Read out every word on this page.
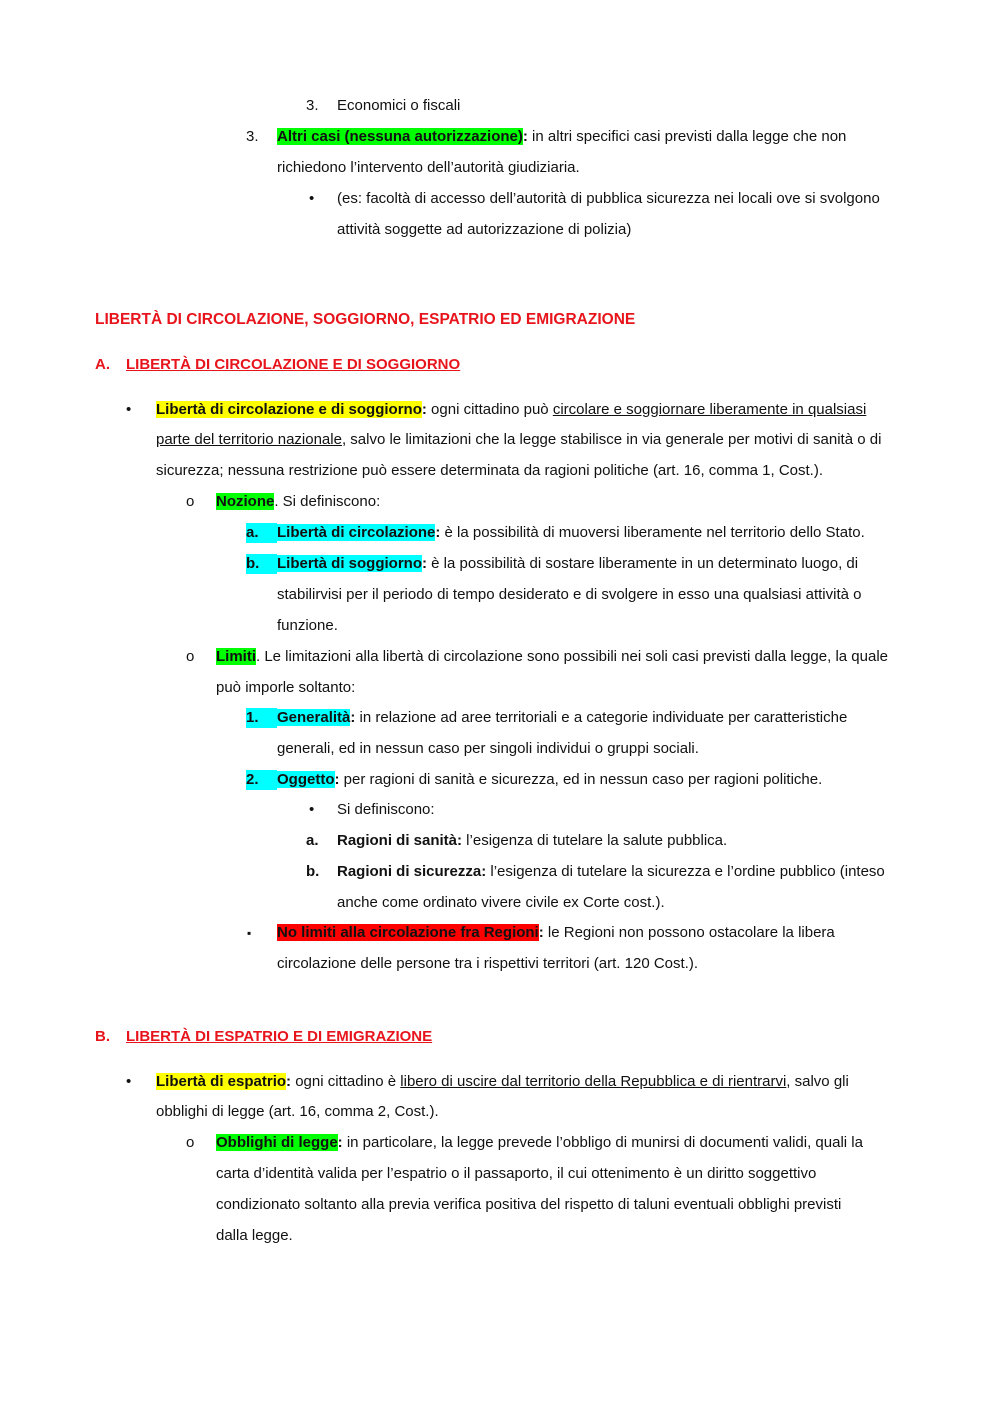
3. Economici o fiscali
3. Altri casi (nessuna autorizzazione): in altri specifici casi previsti dalla legge che non
richiedono l’intervento dell’autorità giudiziaria.
• (es: facoltà di accesso dell’autorità di pubblica sicurezza nei locali ove si svolgono
attività soggette ad autorizzazione di polizia)
LIBERTÀ DI CIRCOLAZIONE, SOGGIORNO, ESPATRIO ED EMIGRAZIONE
A. LIBERTÀ DI CIRCOLAZIONE E DI SOGGIORNO
• Libertà di circolazione e di soggiorno: ogni cittadino può circolare e soggiornare liberamente in qualsiasi
parte del territorio nazionale, salvo le limitazioni che la legge stabilisce in via generale per motivi di sanità o di
sicurezza; nessuna restrizione può essere determinata da ragioni politiche (art. 16, comma 1, Cost.).
o Nozione. Si definiscono:
a.	Libertà di circolazione: è la possibilità di muoversi liberamente nel territorio dello Stato.
b.	Libertà di soggiorno: è la possibilità di sostare liberamente in un determinato luogo, di
stabilirvisi per il periodo di tempo desiderato e di svolgere in esso una qualsiasi attività o
funzione.
o Limiti. Le limitazioni alla libertà di circolazione sono possibili nei soli casi previsti dalla legge, la quale
può imporle soltanto:
1.	Generalità: in relazione ad aree territoriali e a categorie individuate per caratteristiche
generali, ed in nessun caso per singoli individui o gruppi sociali.
2.	Oggetto: per ragioni di sanità e sicurezza, ed in nessun caso per ragioni politiche.
• Si definiscono:
a. Ragioni di sanità: l’esigenza di tutelare la salute pubblica.
b. Ragioni di sicurezza: l’esigenza di tutelare la sicurezza e l’ordine pubblico (inteso
anche come ordinato vivere civile ex Corte cost.).
▪ No limiti alla circolazione fra Regioni: le Regioni non possono ostacolare la libera
circolazione delle persone tra i rispettivi territori (art. 120 Cost.).
B. LIBERTÀ DI ESPATRIO E DI EMIGRAZIONE
• Libertà di espatrio: ogni cittadino è libero di uscire dal territorio della Repubblica e di rientrarvi, salvo gli
obblighi di legge (art. 16, comma 2, Cost.).
o Obblighi di legge: in particolare, la legge prevede l’obbligo di munirsi di documenti validi, quali la
carta d’identità valida per l’espatrio o il passaporto, il cui ottenimento è un diritto soggettivo
condizionato soltanto alla previa verifica positiva del rispetto di taluni eventuali obblighi previsti
dalla legge.
